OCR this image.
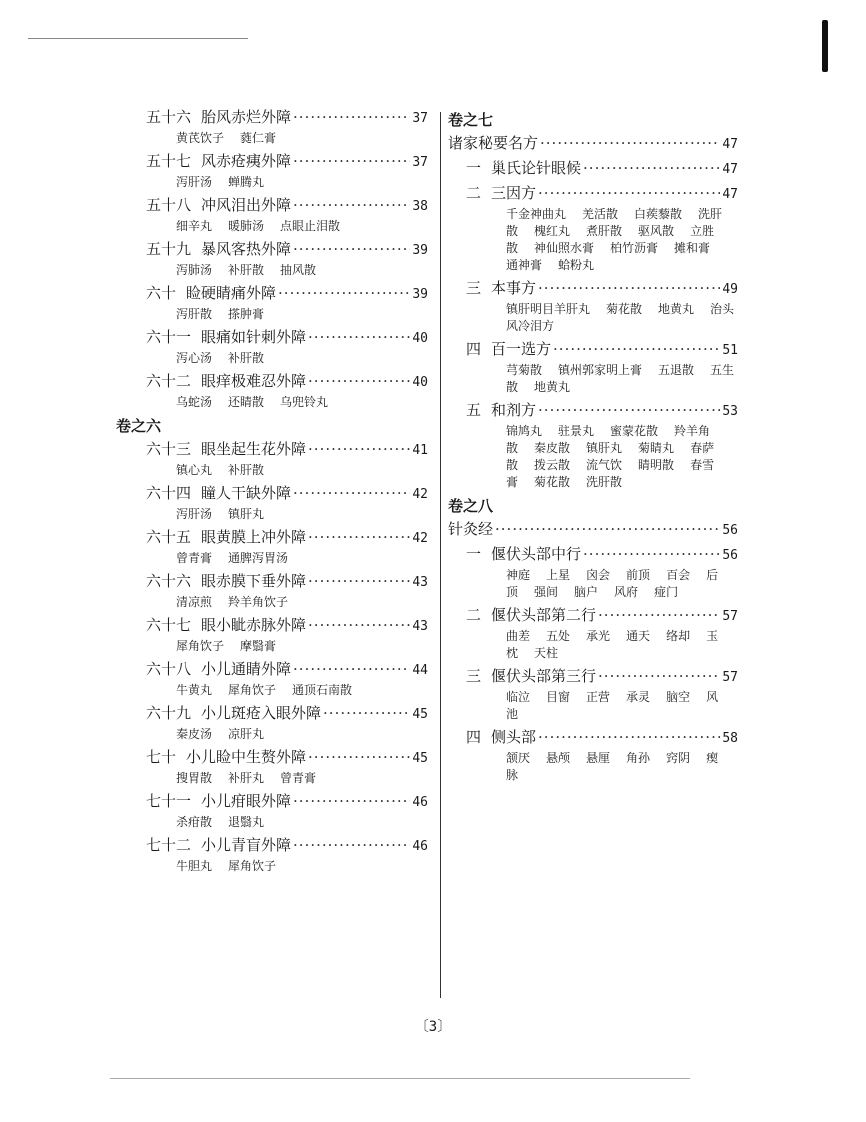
五十六 胎风赤烂外障 ·····	37
黄芪饮子 蕤仁膏
五十七 风赤疮痍外障 ·····	37
泻肝汤 蝉腾丸
五十八 冲风泪出外障 ·····	38
细辛丸 暖肺汤 点眼止泪散
五十九 暴风客热外障 ·····	39
泻肺汤 补肝散 抽风散
六十 睑硬睛痛外障 ·····	39
泻肝散 搽肿膏
六十一 眼痛如针刺外障 ·····	40
泻心汤 补肝散
六十二 眼痒极难忍外障 ·····	40
乌蛇汤 还睛散 乌兜铃丸
卷之六
六十三 眼坐起生花外障 ·····	41
镇心丸 补肝散
六十四 瞳人干缺外障 ·····	42
泻肝汤 镇肝丸
六十五 眼黄膜上冲外障 ·····	42
曾青膏 通脾泻胃汤
六十六 眼赤膜下垂外障 ·····	43
清凉煎 羚羊角饮子
六十七 眼小眦赤脉外障 ·····	43
犀角饮子 摩翳膏
六十八 小儿通睛外障 ·····	44
牛黄丸 犀角饮子 通顶石南散
六十九 小儿斑疮入眼外障 ·····	45
秦皮汤 凉肝丸
七十 小儿睑中生赘外障 ·····	45
搜胃散 补肝丸 曾青膏
七十一 小儿疳眼外障 ·····	46
杀疳散 退翳丸
七十二 小儿青盲外障 ·····	46
牛胆丸 犀角饮子
卷之七
诸家秘要名方 ·····	47
一 巢氏论针眼候 ·····	47
二 三因方 ·····	47
千金神曲丸 羌活散 白蒺藜散 洗肝散 槐红丸 煮肝散 驱风散 立胜散 神仙照水膏 柏竹沥膏 摊和膏通神膏 蛤粉丸
三 本事方 ·····	49
镇肝明目羊肝丸 菊花散 地黄丸 治头风冷泪方
四 百一选方 ·····	51
芎菊散 镇州郭家明上膏 五退散 五生散 地黄丸
五 和剂方 ·····	53
锦鸠丸 驻景丸 蜜蒙花散 羚羊角散 秦皮散 镇肝丸 菊睛丸 春萨散 拨云散 流气饮 睛明散 春雪膏 菊花散 洗肝散
卷之八
针灸经 ·····	56
一 偃伏头部中行 ·····	56
神庭 上星 囟会 前顶 百会 后顶 强间 脑户 风府 痖门
二 偃伏头部第二行 ·····	57
曲差 五处 承光 通天 络却 玉枕 天柱
三 偃伏头部第三行 ·····	57
临泣 目窗 正营 承灵 脑空 风池
四 侧头部 ·····	58
颔厌 悬颅 悬厘 角孙 窍阴 瘈脉
〔3〕
